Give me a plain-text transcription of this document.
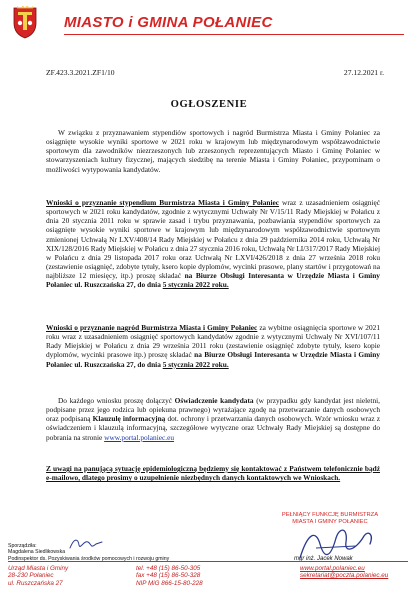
MIASTO i GMINA POŁANIEC
ZF.423.3.2021.ZF1/10	27.12.2021 r.
OGŁOSZENIE
W związku z przyznawaniem stypendiów sportowych i nagród Burmistrza Miasta i Gminy Połaniec za osiągnięte wysokie wyniki sportowe w 2021 roku w krajowym lub międzynarodowym współzawodnictwie sportowym dla zawodników niezrzeszonych lub zrzeszonych reprezentujących Miasto i Gminę Połaniec w stowarzyszeniach kultury fizycznej, mających siedzibę na terenie Miasta i Gminy Połaniec, przypominam o możliwości wytypowania kandydatów.
Wnioski o przyznanie stypendium Burmistrza Miasta i Gminy Połaniec wraz z uzasadnieniem osiągnięć sportowych w 2021 roku kandydatów, zgodnie z wytycznymi Uchwały Nr V/15/11 Rady Miejskiej w Połańcu z dnia 20 stycznia 2011 roku w sprawie zasad i trybu przyznawania, pozbawiania stypendiów sportowych za osiągnięte wysokie wyniki sportowe w krajowym lub międzynarodowym współzawodnictwie sportowym zmienionej Uchwałą Nr LXV/408/14 Rady Miejskiej w Połańcu z dnia 29 października 2014 roku, Uchwałą Nr XIX/128/2016 Rady Miejskiej w Połańcu z dnia 27 stycznia 2016 roku, Uchwałą Nr LI/317/2017 Rady Miejskiej w Połańcu z dnia 29 listopada 2017 roku oraz Uchwałą Nr LXVI/426/2018 z dnia 27 września 2018 roku (zestawienie osiągnięć, zdobyte tytuły, ksero kopie dyplomów, wycinki prasowe, plany startów i przygotowań na najbliższe 12 miesięcy, itp.) proszę składać na Biurze Obsługi Interesanta w Urzędzie Miasta i Gminy Połaniec ul. Ruszczańska 27, do dnia 5 stycznia 2022 roku.
Wnioski o przyznanie nagród Burmistrza Miasta i Gminy Połaniec za wybitne osiągnięcia sportowe w 2021 roku wraz z uzasadnieniem osiągnięć sportowych kandydatów zgodnie z wytycznymi Uchwały Nr XVI/107/11 Rady Miejskiej w Połańcu z dnia 29 września 2011 roku (zestawienie osiągnięć zdobyte tytuły, ksero kopie dyplomów, wycinki prasowe itp.) proszę składać na Biurze Obsługi Interesanta w Urzędzie Miasta i Gminy Połaniec ul. Ruszczańska 27, do dnia 5 stycznia 2022 roku.
Do każdego wniosku proszę dołączyć Oświadczenie kandydata (w przypadku gdy kandydat jest nieletni, podpisane przez jego rodzica lub opiekuna prawnego) wyrażające zgodę na przetwarzanie danych osobowych oraz podpisaną Klauzulę informacyjną dot. ochrony i przetwarzania danych osobowych. Wzór wniosku wraz z oświadczeniem i klauzulą informacyjną, szczegółowe wytyczne oraz Uchwały Rady Miejskiej są dostępne do pobrania na stronie www.portal.polaniec.eu
Z uwagi na panującą sytuację epidemiologiczną będziemy się kontaktować z Państwem telefonicznie bądź e-mailowo, dlatego prosimy o uzupełnienie niezbędnych danych kontaktowych we Wnioskach.
PEŁNIĄCY FUNKCJĘ BURMISTRZA
MIASTA I GMINY POŁANIEC
mgr inż. Jacek Nowak
Sporządziła:
Magdalena Siedlikowska
Podinspektor ds. Pozyskiwania środków pomocowych i rozwoju gminy
Urząd Miasta i Gminy
28-230 Połaniec
ul. Ruszczańska 27
tel. +48 (15) 86-50-305
fax +48 (15) 86-50-328
NIP MiG 866-15-80-228
www.portal.polaniec.eu
sekretariat@poczta.polaniec.eu
